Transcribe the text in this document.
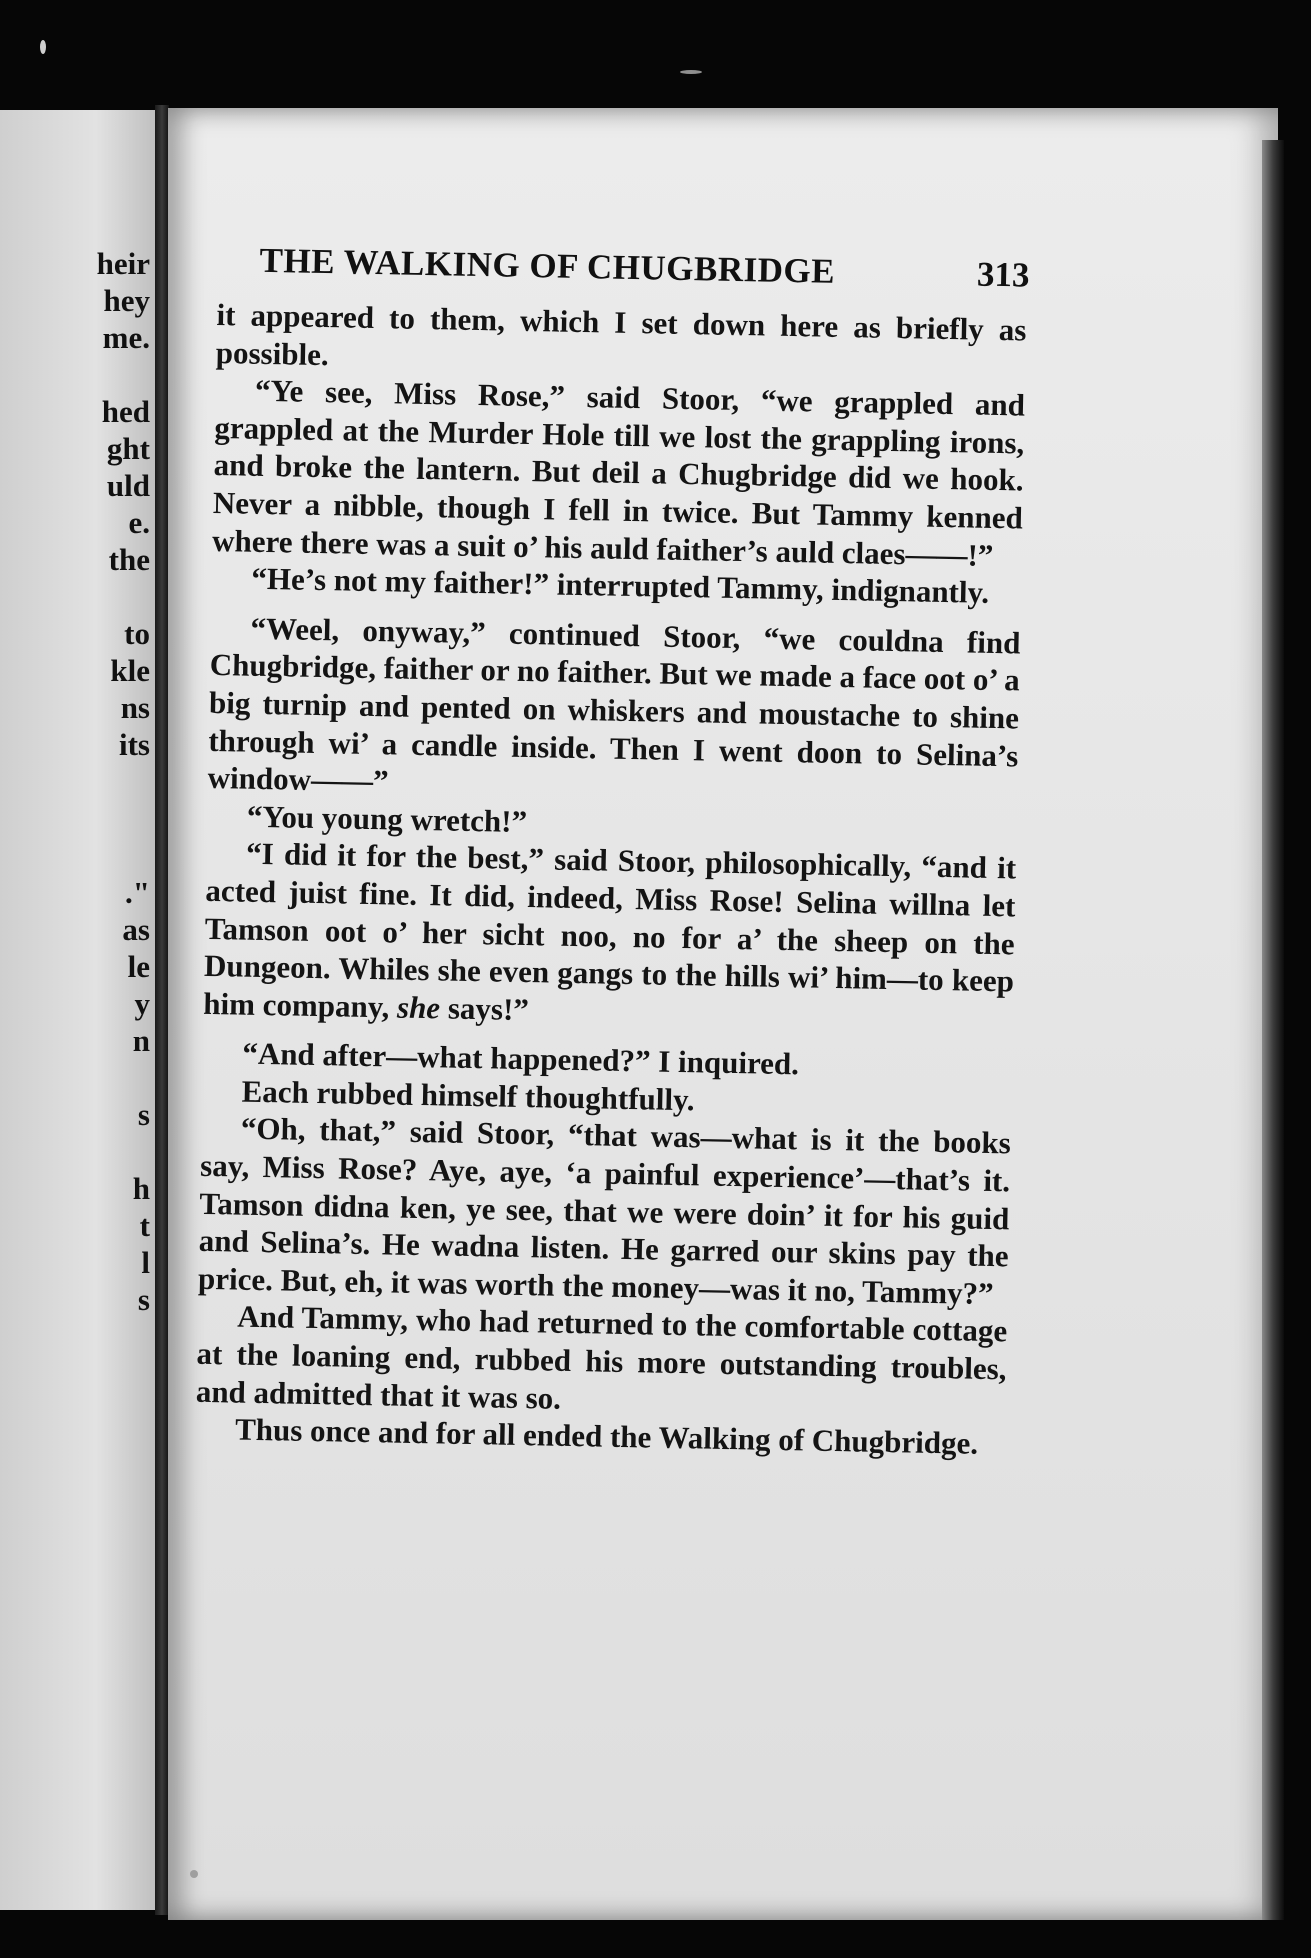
heir
hey
me.
hed
ght
uld
e.
the
to
kle
ns
its
."
as
le
y
n
s
h
t
l
s
THE WALKING OF CHUGBRIDGE	313

it appeared to them, which I set down here as briefly as possible.

“Ye see, Miss Rose,” said Stoor, “we grappled and grappled at the Murder Hole till we lost the grappling irons, and broke the lantern. But deil a Chugbridge did we hook. Never a nibble, though I fell in twice. But Tammy kenned where there was a suit o’ his auld faither’s auld claes——!”

“He’s not my faither!” interrupted Tammy, indignantly.

“Weel, onyway,” continued Stoor, “we couldna find Chugbridge, faither or no faither. But we made a face oot o’ a big turnip and pented on whiskers and moustache to shine through wi’ a candle inside. Then I went doon to Selina’s window——”

“You young wretch!”

“I did it for the best,” said Stoor, philosophically, “and it acted juist fine. It did, indeed, Miss Rose! Selina willna let Tamson oot o’ her sicht noo, no for a’ the sheep on the Dungeon. Whiles she even gangs to the hills wi’ him—to keep him company, she says!”

“And after—what happened?” I inquired.

Each rubbed himself thoughtfully.

“Oh, that,” said Stoor, “that was—what is it the books say, Miss Rose? Aye, aye, ‘a painful experience’—that’s it. Tamson didna ken, ye see, that we were doin’ it for his guid and Selina’s. He wadna listen. He garred our skins pay the price. But, eh, it was worth the money—was it no, Tammy?”

And Tammy, who had returned to the comfortable cottage at the loaning end, rubbed his more outstanding troubles, and admitted that it was so.

Thus once and for all ended the Walking of Chugbridge.
